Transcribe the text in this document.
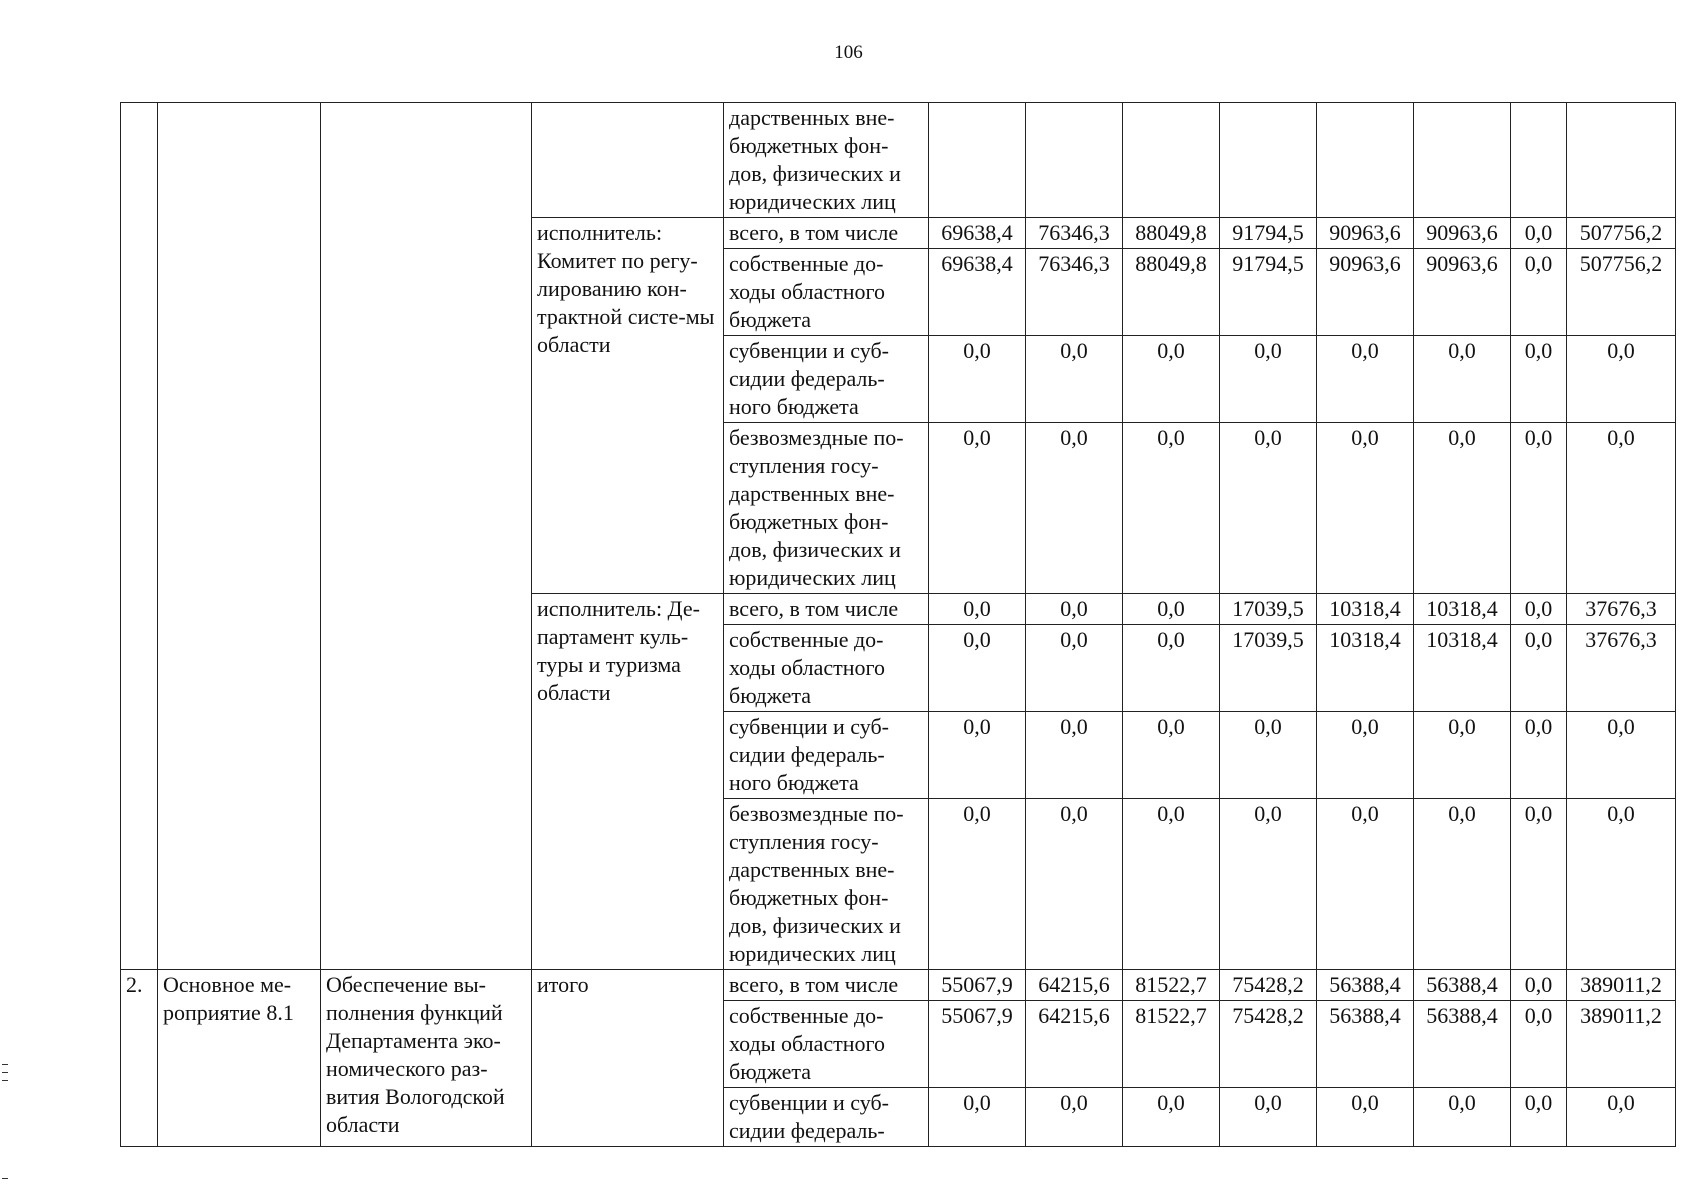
106
				дарственных вне-бюджетных фон-дов, физических и юридических лиц								
			исполнитель: Комитет по регу-лированию кон-трактной систе-мы области	всего, в том числе	69638,4	76346,3	88049,8	91794,5	90963,6	90963,6	0,0	507756,2
				собственные до-ходы областного бюджета	69638,4	76346,3	88049,8	91794,5	90963,6	90963,6	0,0	507756,2
				субвенции и суб-сидии федераль-ного бюджета	0,0	0,0	0,0	0,0	0,0	0,0	0,0	0,0
				безвозмездные по-ступления госу-дарственных вне-бюджетных фон-дов, физических и юридических лиц	0,0	0,0	0,0	0,0	0,0	0,0	0,0	0,0
			исполнитель: Де-партамент куль-туры и туризма области	всего, в том числе	0,0	0,0	0,0	17039,5	10318,4	10318,4	0,0	37676,3
				собственные до-ходы областного бюджета	0,0	0,0	0,0	17039,5	10318,4	10318,4	0,0	37676,3
				субвенции и суб-сидии федераль-ного бюджета	0,0	0,0	0,0	0,0	0,0	0,0	0,0	0,0
				безвозмездные по-ступления госу-дарственных вне-бюджетных фон-дов, физических и юридических лиц	0,0	0,0	0,0	0,0	0,0	0,0	0,0	0,0
2.	Основное ме-роприятие 8.1	Обеспечение вы-полнения функций Департамента эко-номического раз-вития Вологодской области	итого	всего, в том числе	55067,9	64215,6	81522,7	75428,2	56388,4	56388,4	0,0	389011,2
				собственные до-ходы областного бюджета	55067,9	64215,6	81522,7	75428,2	56388,4	56388,4	0,0	389011,2
				субвенции и суб-сидии федераль-	0,0	0,0	0,0	0,0	0,0	0,0	0,0	0,0
